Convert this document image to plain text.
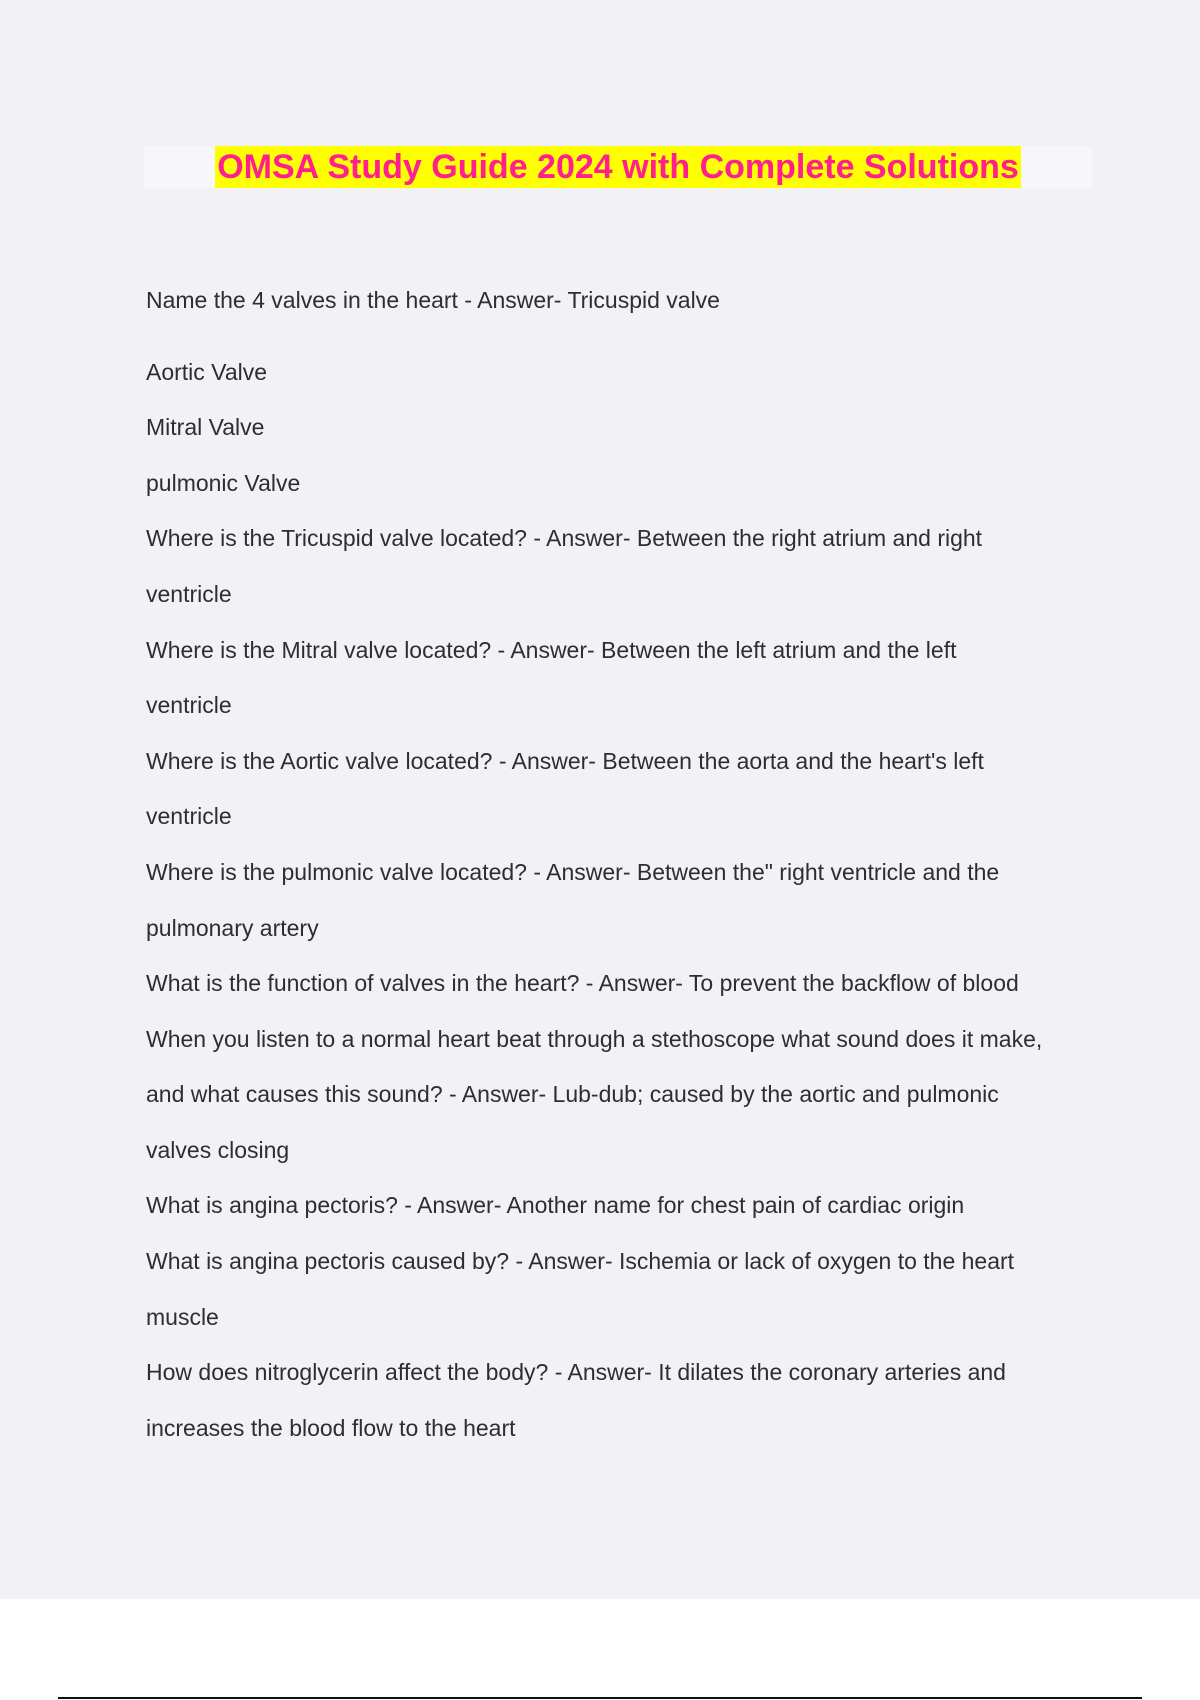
OMSA Study Guide 2024 with Complete Solutions
Name the 4 valves in the heart - Answer- Tricuspid valve
Aortic Valve
Mitral Valve
pulmonic Valve
Where is the Tricuspid valve located? - Answer- Between the right atrium and right
ventricle
Where is the Mitral valve located? - Answer- Between the left atrium and the left
ventricle
Where is the Aortic valve located? - Answer- Between the aorta and the heart's left
ventricle
Where is the pulmonic valve located? - Answer- Between the" right ventricle and the
pulmonary artery
What is the function of valves in the heart? - Answer- To prevent the backflow of blood
When you listen to a normal heart beat through a stethoscope what sound does it make,
and what causes this sound? - Answer- Lub-dub; caused by the aortic and pulmonic
valves closing
What is angina pectoris? - Answer- Another name for chest pain of cardiac origin
What is angina pectoris caused by? - Answer- Ischemia or lack of oxygen to the heart
muscle
How does nitroglycerin affect the body? - Answer- It dilates the coronary arteries and
increases the blood flow to the heart
